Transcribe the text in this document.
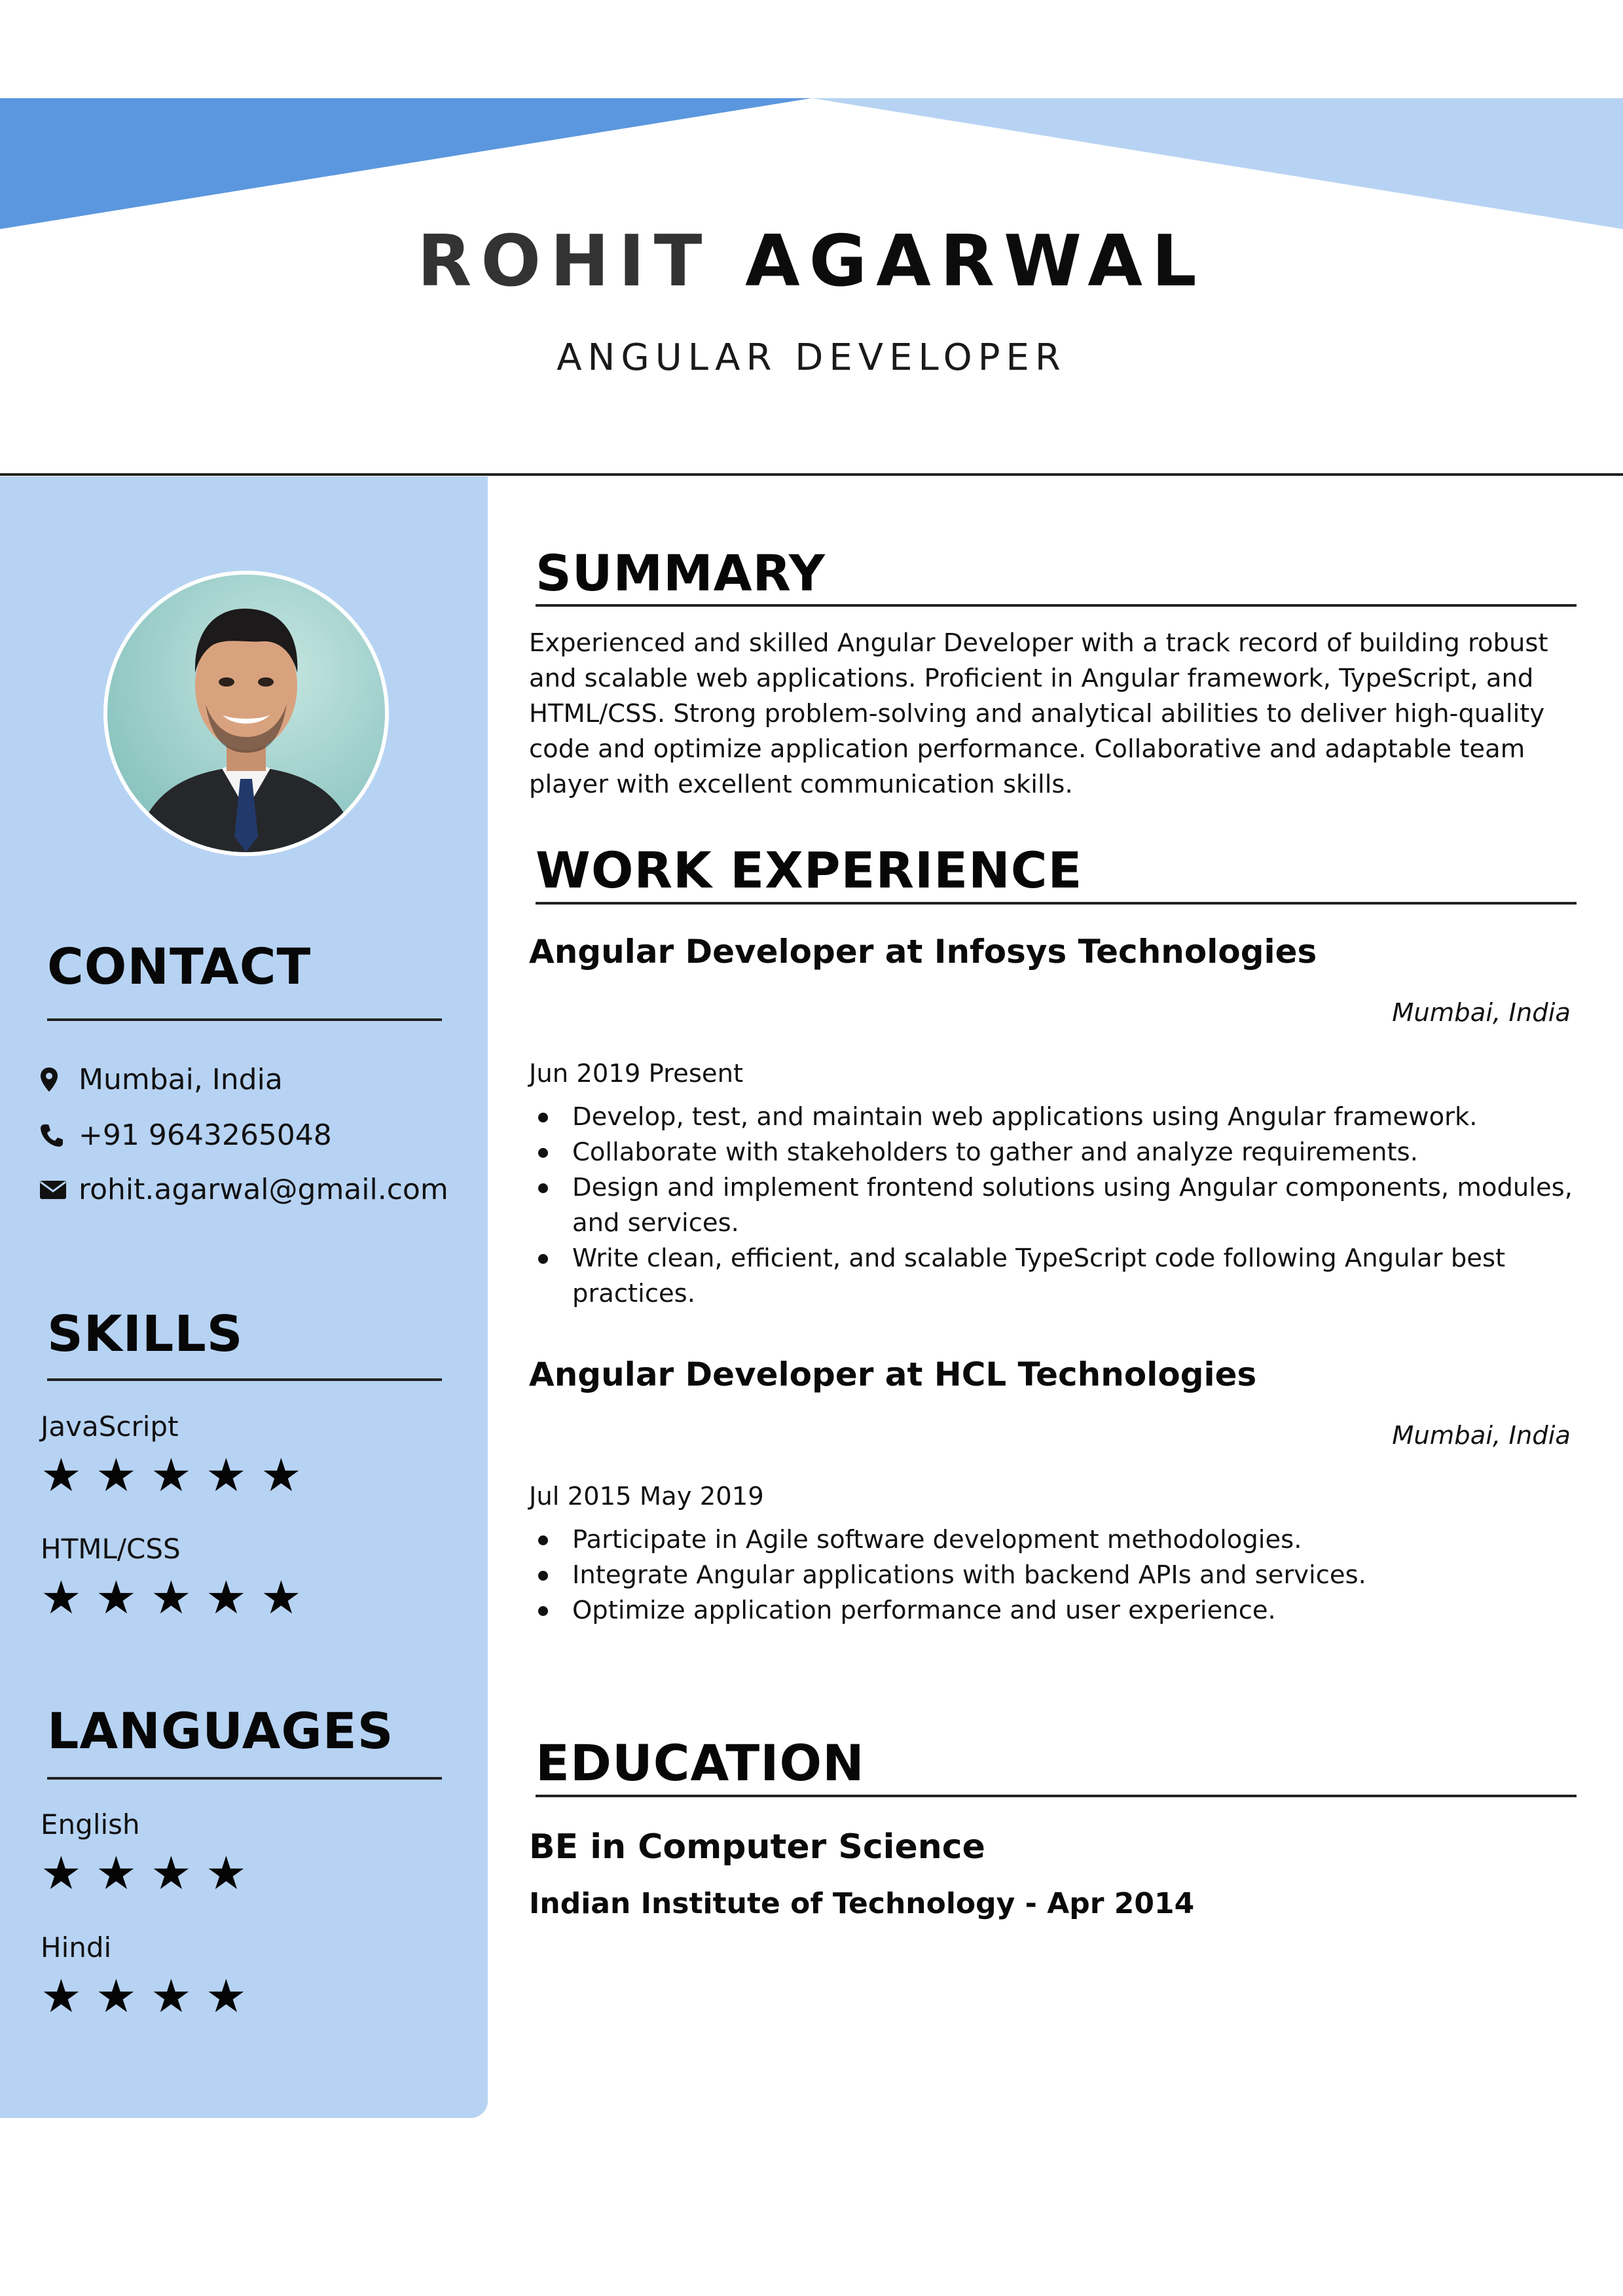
ROHIT AGARWAL
ANGULAR DEVELOPER
CONTACT
Mumbai, India
+91 9643265048
rohit.agarwal@gmail.com
SKILLS
JavaScript
★ ★ ★ ★ ★
HTML/CSS
★ ★ ★ ★ ★
LANGUAGES
English
★ ★ ★ ★
Hindi
★ ★ ★ ★
SUMMARY

Experienced and skilled Angular Developer with a track record of building robust and scalable web applications. Proficient in Angular framework, TypeScript, and HTML/CSS. Strong problem-solving and analytical abilities to deliver high-quality code and optimize application performance. Collaborative and adaptable team player with excellent communication skills.

WORK EXPERIENCE
Angular Developer at Infosys Technologies
Mumbai, India
Jun 2019 Present
Develop, test, and maintain web applications using Angular framework.
Collaborate with stakeholders to gather and analyze requirements.
Design and implement frontend solutions using Angular components, modules, and services.
Write clean, efficient, and scalable TypeScript code following Angular best practices.
Angular Developer at HCL Technologies
Mumbai, India
Jul 2015 May 2019
Participate in Agile software development methodologies.
Integrate Angular applications with backend APIs and services.
Optimize application performance and user experience.
EDUCATION
BE in Computer Science
Indian Institute of Technology - Apr 2014
